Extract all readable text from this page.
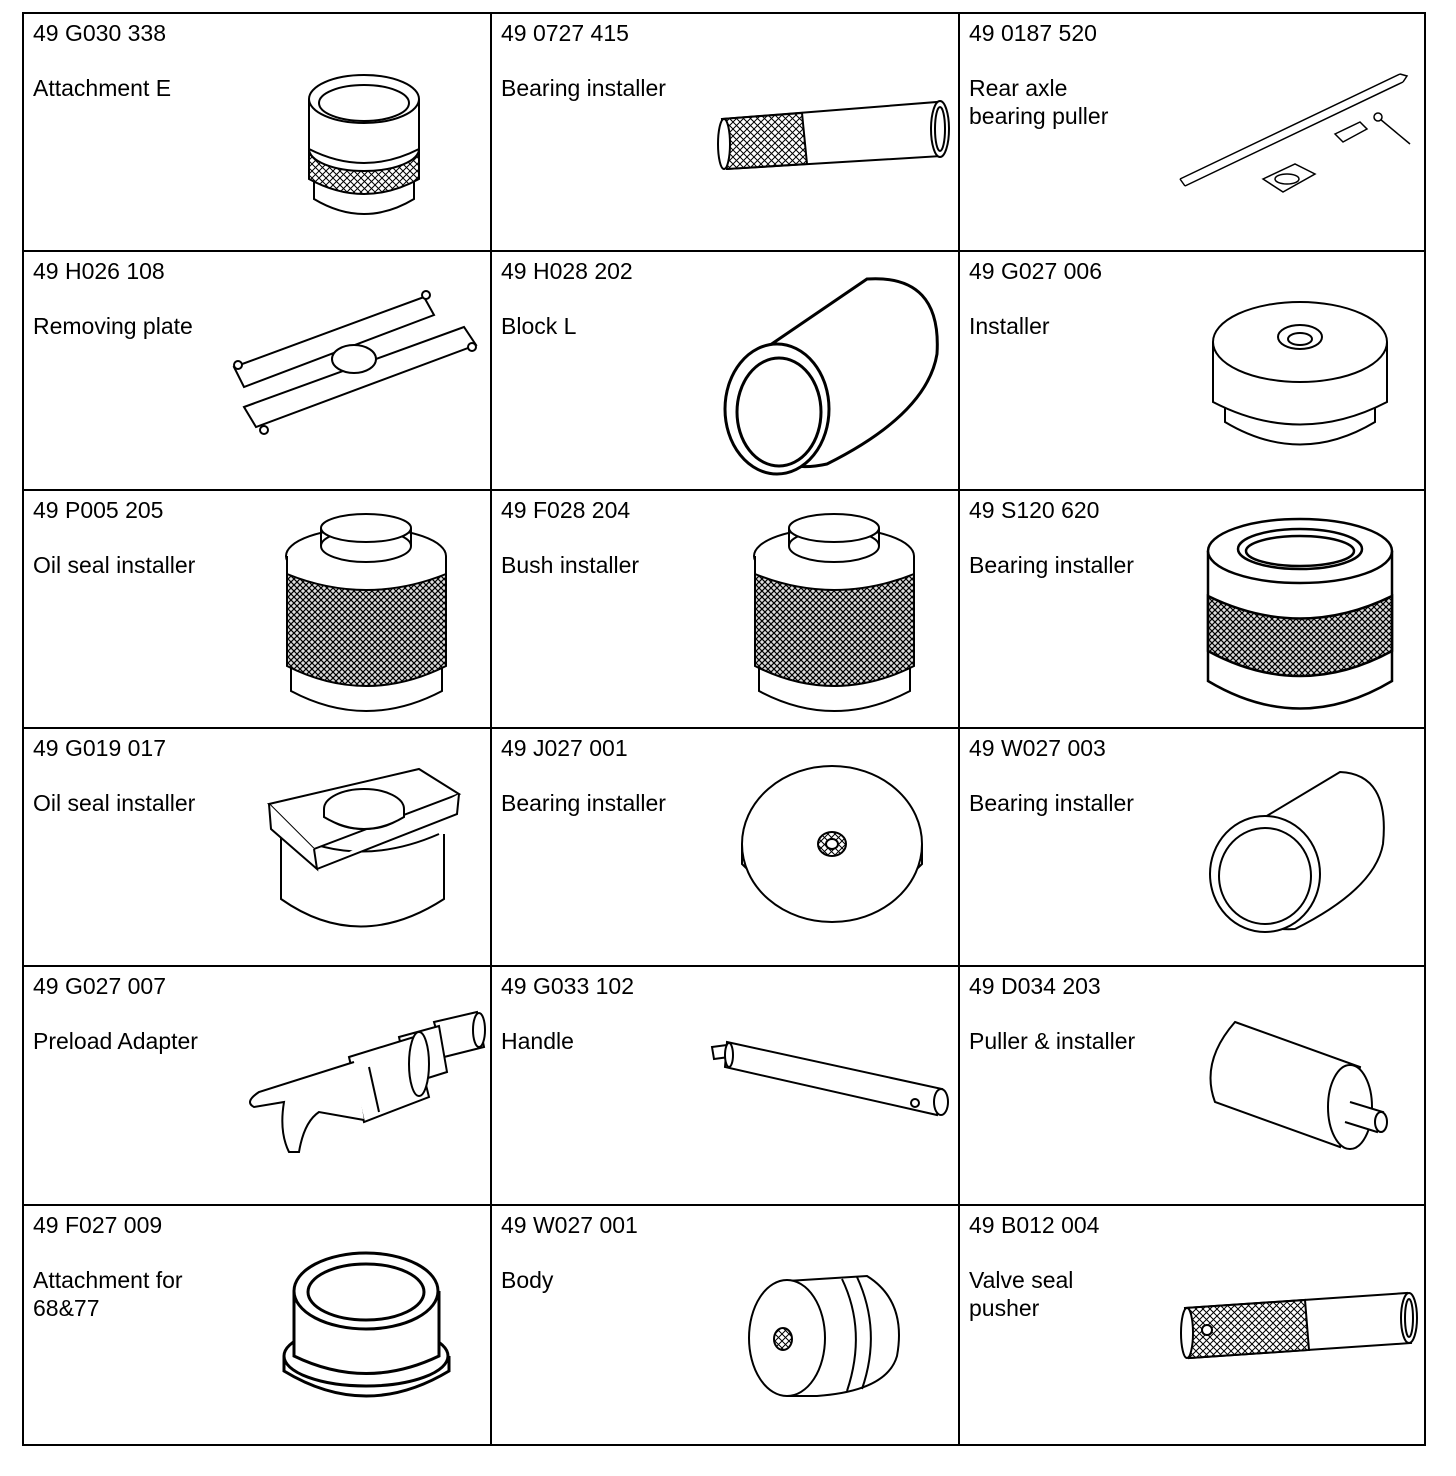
49 G030 338
Attachment E
49 0727 415
Bearing installer
49 0187 520
Rear axle
bearing puller
49 H026 108
Removing plate
49 H028 202
Block L
49 G027 006
Installer
49 P005 205
Oil seal installer
49 F028 204
Bush installer
49 S120 620
Bearing installer
49 G019 017
Oil seal installer
49 J027 001
Bearing installer
49 W027 003
Bearing installer
49 G027 007
Preload Adapter
49 G033 102
Handle
49 D034 203
Puller & installer
49 F027 009
Attachment for
68&77
49 W027 001
Body
49 B012 004
Valve seal
pusher
